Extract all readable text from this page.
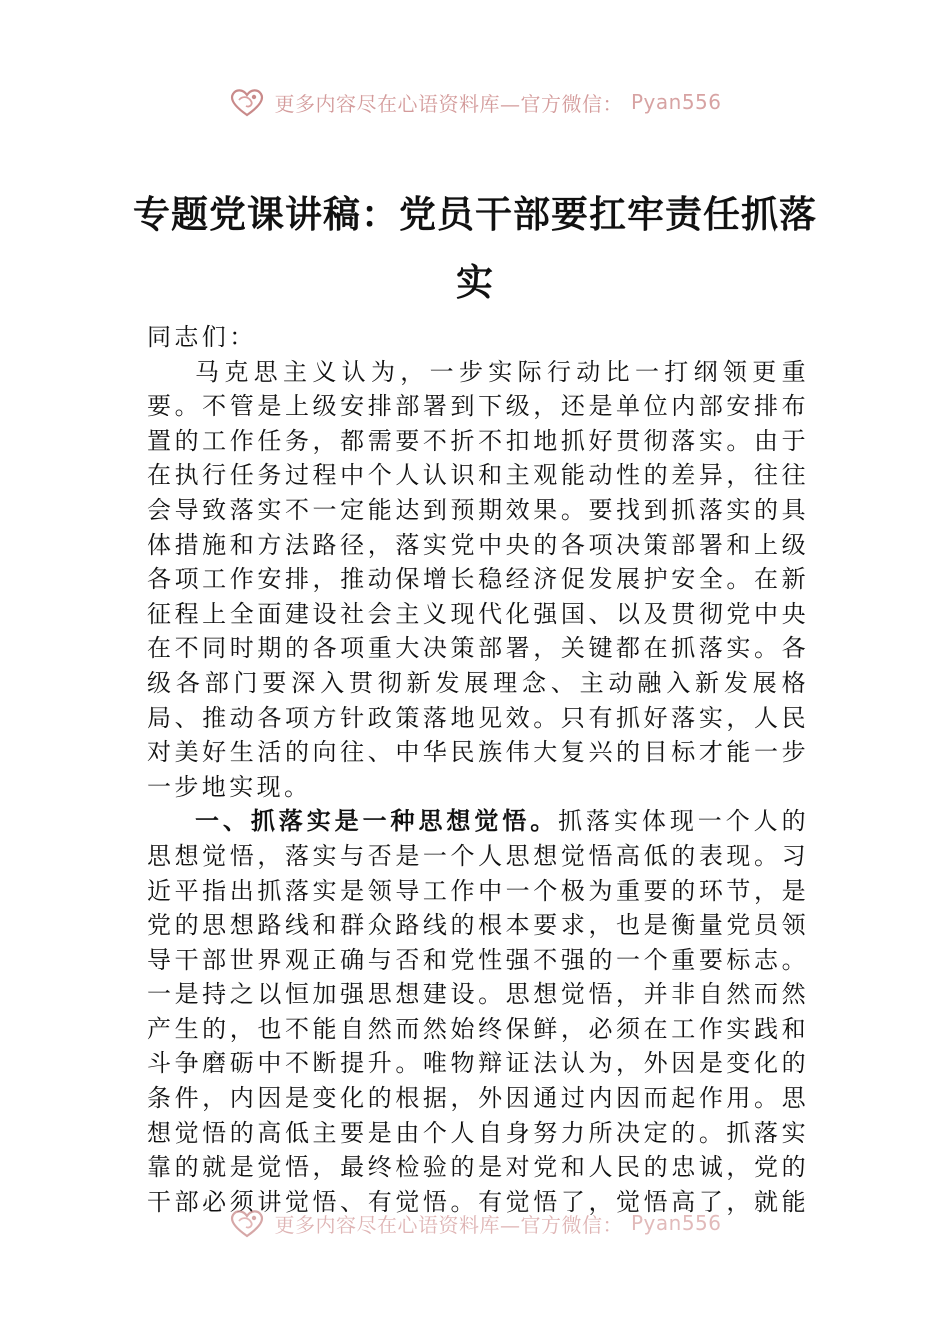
更多内容尽在心语资料库—官方微信： Pyan556
专题党课讲稿：党员干部要扛牢责任抓落实

同志们：

马克思主义认为，一步实际行动比一打纲领更重要。不管是上级安排部署到下级，还是单位内部安排布置的工作任务，都需要不折不扣地抓好贯彻落实。由于在执行任务过程中个人认识和主观能动性的差异，往往会导致落实不一定能达到预期效果。要找到抓落实的具体措施和方法路径，落实党中央的各项决策部署和上级各项工作安排，推动保增长稳经济促发展护安全。在新征程上全面建设社会主义现代化强国、以及贯彻党中央在不同时期的各项重大决策部署，关键都在抓落实。各级各部门要深入贯彻新发展理念、主动融入新发展格局、推动各项方针政策落地见效。只有抓好落实，人民对美好生活的向往、中华民族伟大复兴的目标才能一步一步地实现。

一、抓落实是一种思想觉悟。抓落实体现一个人的思想觉悟，落实与否是一个人思想觉悟高低的表现。习近平指出抓落实是领导工作中一个极为重要的环节，是党的思想路线和群众路线的根本要求，也是衡量党员领导干部世界观正确与否和党性强不强的一个重要标志。一是持之以恒加强思想建设。思想觉悟，并非自然而然产生的，也不能自然而然始终保鲜，必须在工作实践和斗争磨砺中不断提升。唯物辩证法认为，外因是变化的条件，内因是变化的根据，外因通过内因而起作用。思想觉悟的高低主要是由个人自身努力所决定的。抓落实靠的就是觉悟，最终检验的是对党和人民的忠诚，党的干部必须讲觉悟、有觉悟。有觉悟了，觉悟高了，就能

更多内容尽在心语资料库—官方微信： Pyan556
